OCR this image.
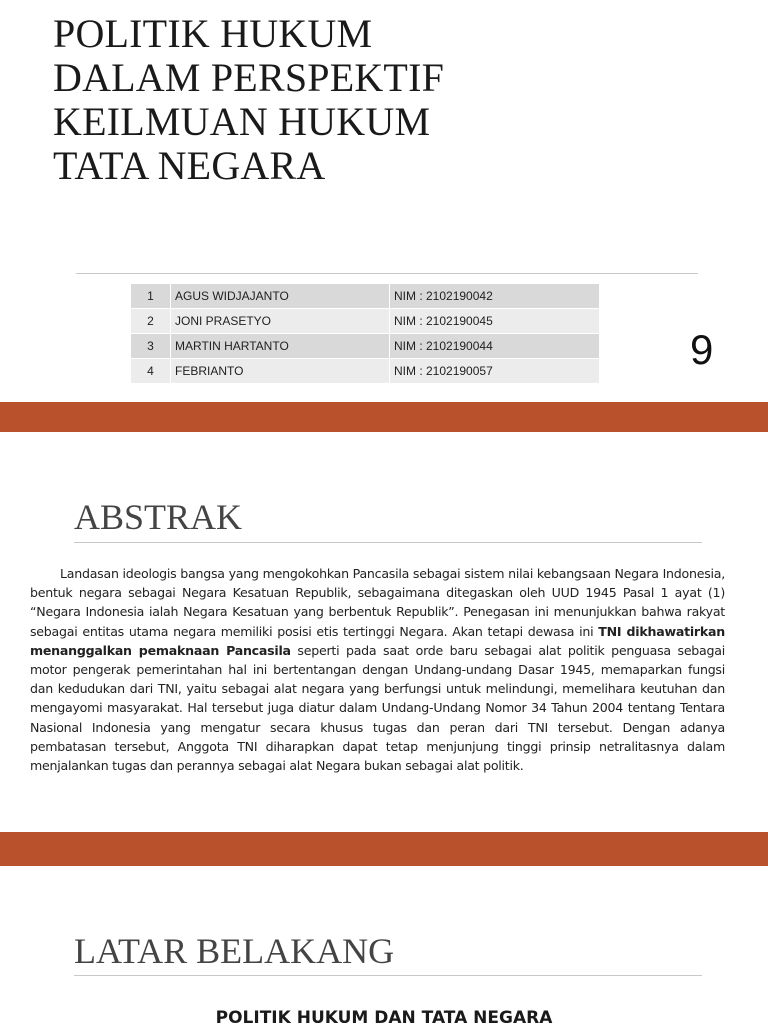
POLITIK HUKUM
DALAM PERSPEKTIF
KEILMUAN HUKUM
TATA NEGARA
1	AGUS WIDJAJANTO	NIM : 2102190042
2	JONI PRASETYO	NIM : 2102190045
3	MARTIN HARTANTO	NIM : 2102190044
4	FEBRIANTO	NIM : 2102190057	9
ABSTRAK

Landasan ideologis bangsa yang mengokohkan Pancasila sebagai sistem nilai kebangsaan Negara Indonesia, bentuk negara sebagai Negara Kesatuan Republik, sebagaimana ditegaskan oleh UUD 1945 Pasal 1 ayat (1) “Negara Indonesia ialah Negara Kesatuan yang berbentuk Republik”. Penegasan ini menunjukkan bahwa rakyat sebagai entitas utama negara memiliki posisi etis tertinggi Negara. Akan tetapi dewasa ini TNI dikhawatirkan menanggalkan pemaknaan Pancasila seperti pada saat orde baru sebagai alat politik penguasa sebagai motor pengerak pemerintahan hal ini bertentangan dengan Undang-undang Dasar 1945, memaparkan fungsi dan kedudukan dari TNI, yaitu sebagai alat negara yang berfungsi untuk melindungi, memelihara keutuhan dan mengayomi masyarakat. Hal tersebut juga diatur dalam Undang-Undang Nomor 34 Tahun 2004 tentang Tentara Nasional Indonesia yang mengatur secara khusus tugas dan peran dari TNI tersebut. Dengan adanya pembatasan tersebut, Anggota TNI diharapkan dapat tetap menjunjung tinggi prinsip netralitasnya dalam menjalankan tugas dan perannya sebagai alat Negara bukan sebagai alat politik.

LATAR BELAKANG
POLITIK HUKUM DAN TATA NEGARA
